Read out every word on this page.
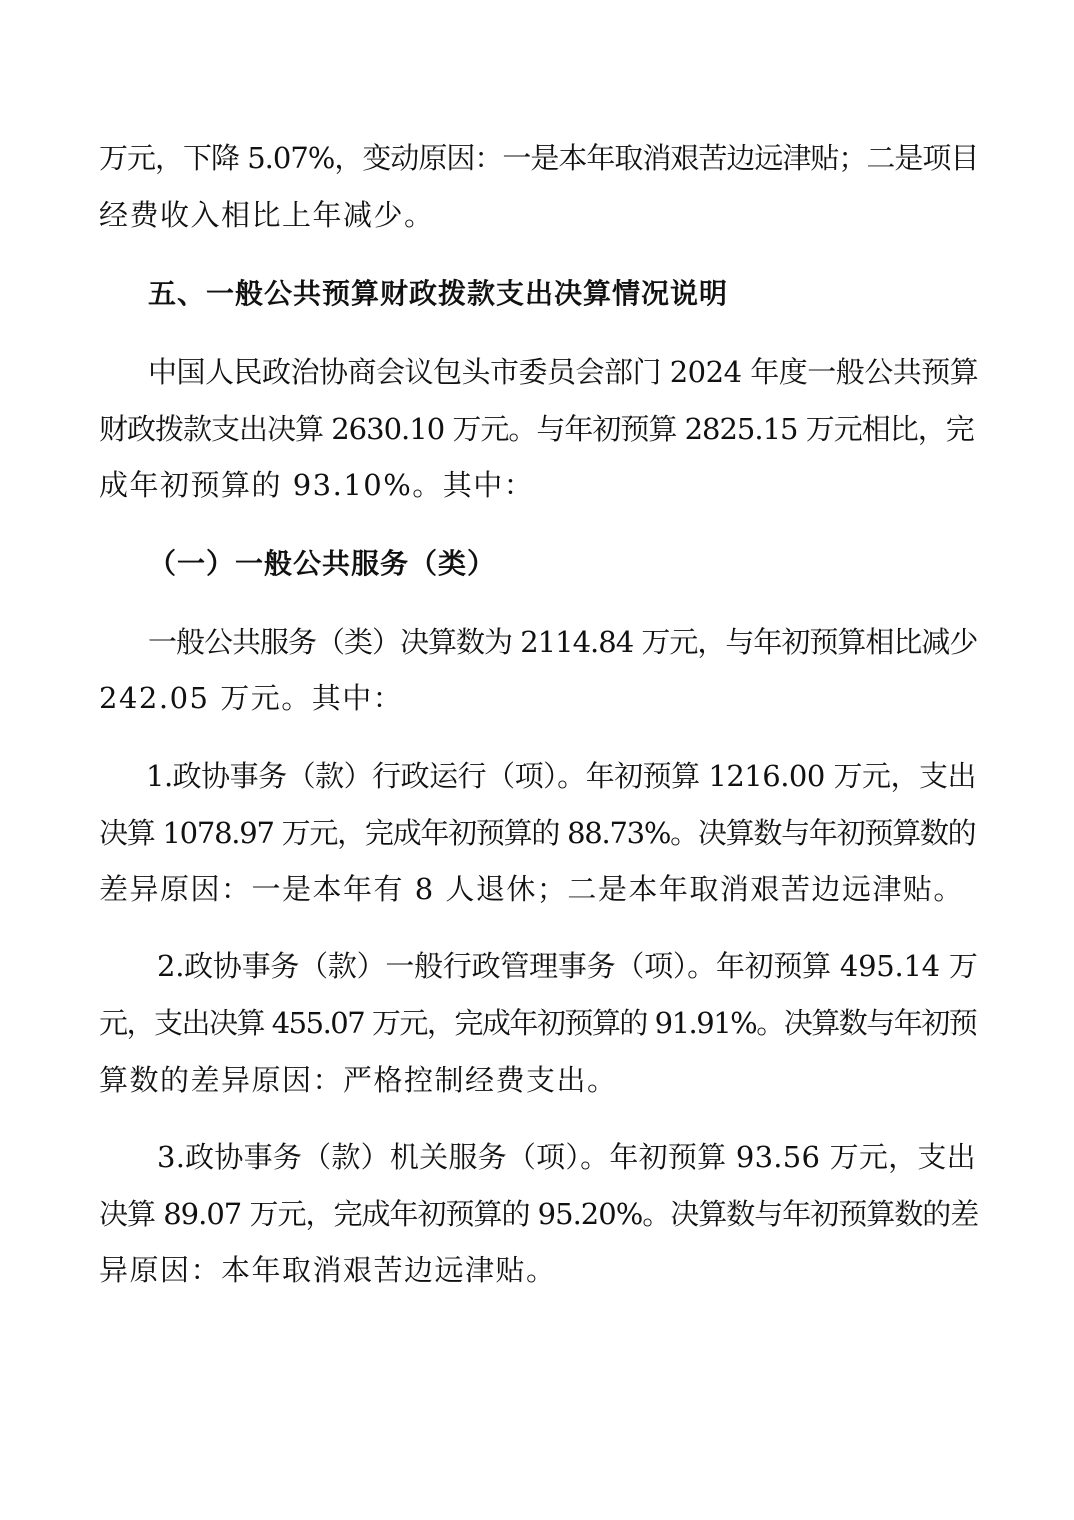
万元，下降 5.07%，变动原因：一是本年取消艰苦边远津贴；二是项目
经费收入相比上年减少。
五、一般公共预算财政拨款支出决算情况说明
中国人民政治协商会议包头市委员会部门 2024 年度一般公共预算
财政拨款支出决算 2630.10 万元。与年初预算 2825.15 万元相比，完
成年初预算的 93.10%。其中：
（一）一般公共服务（类）
一般公共服务（类）决算数为 2114.84 万元，与年初预算相比减少
242.05 万元。其中：
1.政协事务（款）行政运行（项）。年初预算 1216.00 万元，支出
决算 1078.97 万元，完成年初预算的 88.73%。决算数与年初预算数的
差异原因：一是本年有 8 人退休；二是本年取消艰苦边远津贴。
2.政协事务（款）一般行政管理事务（项）。年初预算 495.14 万
元，支出决算 455.07 万元，完成年初预算的 91.91%。决算数与年初预
算数的差异原因：严格控制经费支出。
3.政协事务（款）机关服务（项）。年初预算 93.56 万元，支出
决算 89.07 万元，完成年初预算的 95.20%。决算数与年初预算数的差
异原因：本年取消艰苦边远津贴。
